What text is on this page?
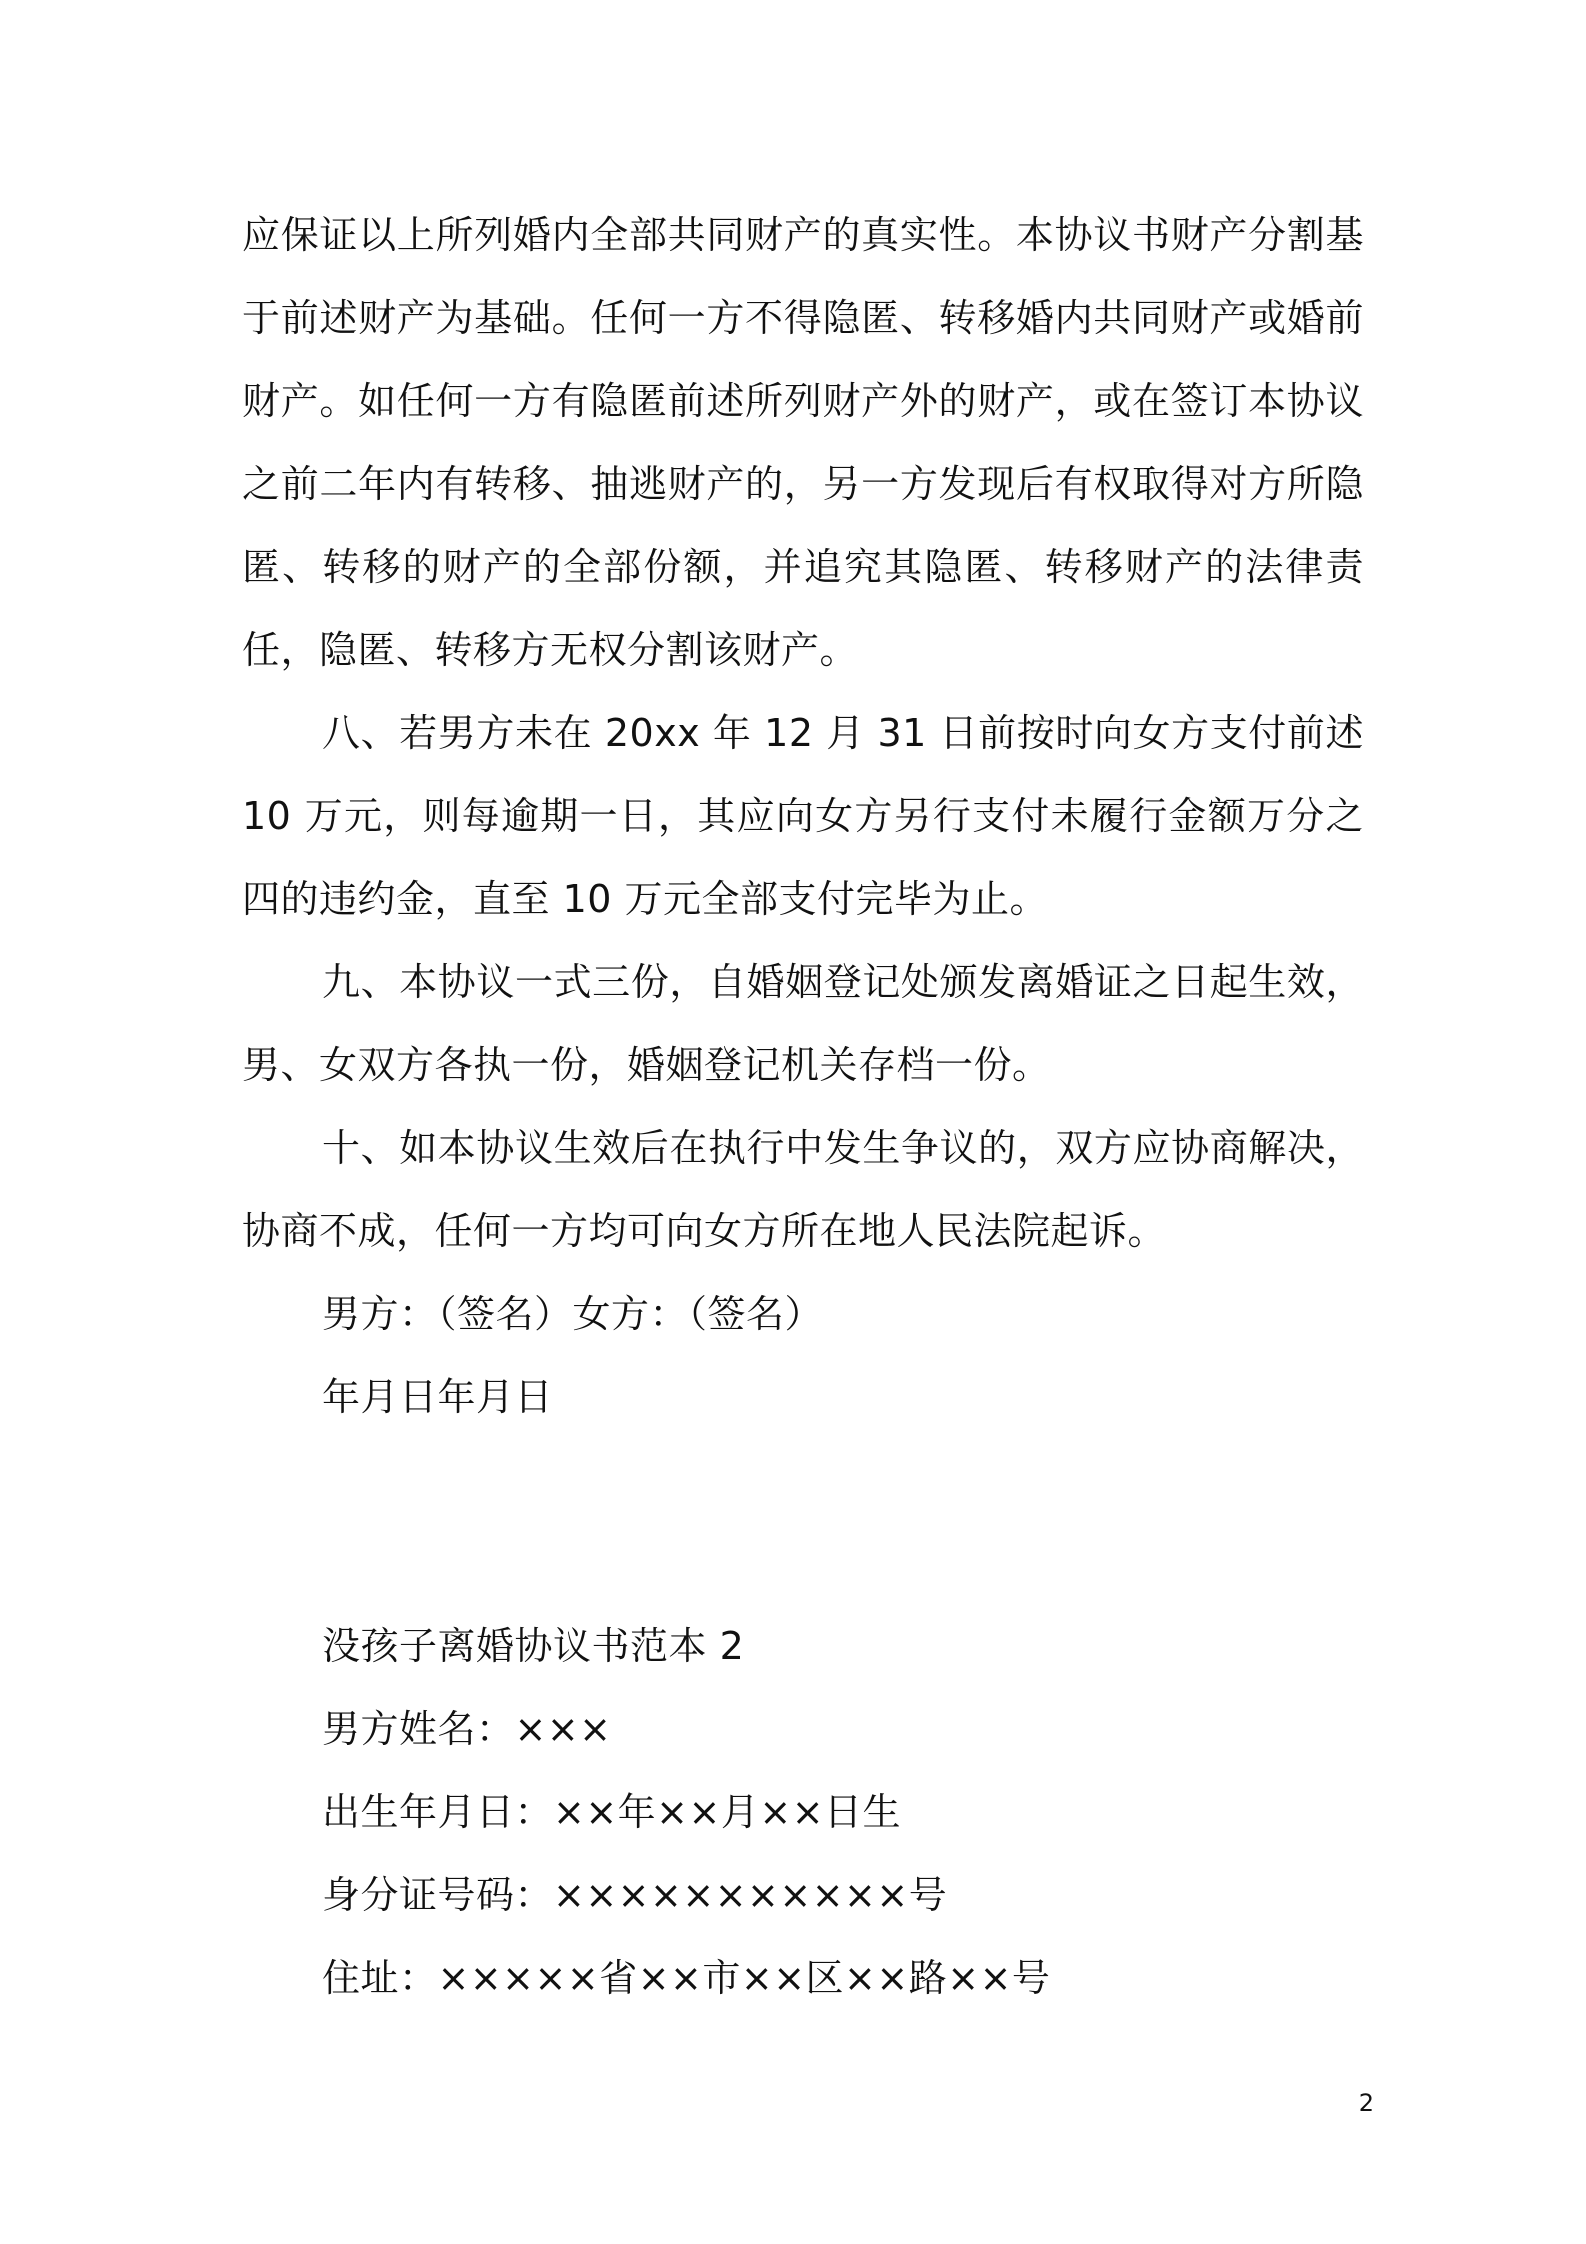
应保证以上所列婚内全部共同财产的真实性。本协议书财产分割基于前述财产为基础。任何一方不得隐匿、转移婚内共同财产或婚前财产。如任何一方有隐匿前述所列财产外的财产，或在签订本协议之前二年内有转移、抽逃财产的，另一方发现后有权取得对方所隐匿、转移的财产的全部份额，并追究其隐匿、转移财产的法律责任，隐匿、转移方无权分割该财产。

八、若男方未在 20xx 年 12 月 31 日前按时向女方支付前述 10 万元，则每逾期一日，其应向女方另行支付未履行金额万分之四的违约金，直至 10 万元全部支付完毕为止。

九、本协议一式三份，自婚姻登记处颁发离婚证之日起生效，男、女双方各执一份，婚姻登记机关存档一份。

十、如本协议生效后在执行中发生争议的，双方应协商解决，协商不成，任何一方均可向女方所在地人民法院起诉。

男方：（签名）女方：（签名）

年月日年月日

没孩子离婚协议书范本 2

男方姓名：×××

出生年月日：××年××月××日生

身分证号码：×××××××××××号

住址：×××××省××市××区××路××号

2
